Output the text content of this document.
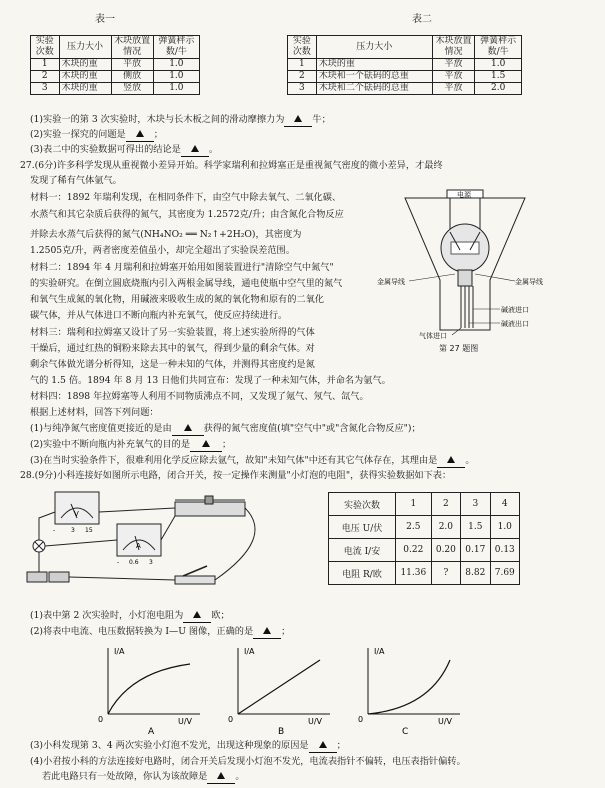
表一
实验次数	压力大小	木块放置情况	弹簧秤示数/牛
1	木块的重	平放	1.0
2	木块的重	侧放	1.0
3	木块的重	竖放	1.0
表二
实验次数	压力大小	木块放置情况	弹簧秤示数/牛
1	木块的重	平放	1.0
2	木块和一个砝码的总重	平放	1.5
3	木块和二个砝码的总重	平放	2.0
(1)实验一的第 3 次实验时，木块与长木板之间的滑动摩擦力为	牛；
(2)实验一探究的问题是	；
(3)表二中的实验数据可得出的结论是	。
27.(6分)许多科学发现从重视微小差异开始。科学家瑞利和拉姆塞正是重视氮气密度的微小差异，才最终
发现了稀有气体氩气。
材料一：1892 年瑞利发现，在相同条件下，由空气中除去氧气、二氧化碳、
水蒸气和其它杂质后获得的氮气，其密度为 1.2572克/升；由含氮化合物反应
并除去水蒸气后获得的氮气(NH₄NO₂ ══ N₂↑+2H₂O)，其密度为
1.2505克/升，两者密度差值虽小，却完全超出了实验误差范围。
材料二：1894 年 4 月瑞利和拉姆塞开始用如图装置进行"清除空气中氮气"
的实验研究。在倒立圆底烧瓶内引入两根金属导线，通电使瓶中空气里的氮气
和氧气生成氮的氧化物，用碱液来吸收生成的氮的氧化物和原有的二氧化
碳气体，并从气体进口不断向瓶内补充氧气，使反应持续进行。
材料三：瑞利和拉姆塞又设计了另一实验装置，将上述实验所得的气体
干燥后，通过红热的铜粉来除去其中的氧气，得到少量的剩余气体。对
剩余气体做光谱分析得知，这是一种未知的气体，并测得其密度约是氮
气的 1.5 倍。1894 年 8 月 13 日他们共同宣布：发现了一种未知气体，并命名为氩气。
材料四：1898 年拉姆塞等人利用不同物质沸点不同，又发现了氪气、氖气、氙气。
根据上述材料，回答下列问题：
(1)与纯净氮气密度值更接近的是由	获得的氮气密度值(填"空气中"或"含氮化合物反应")；
(2)实验中不断向瓶内补充氧气的目的是	；
(3)在当时实验条件下，很难利用化学反应除去氩气，故知"未知气体"中还有其它气体存在，其理由是	。
电源
金属导线	金属导线
碱液进口
碱液出口
气体进口
第 27 题图
28.(9分)小科连接好如图所示电路，闭合开关，按一定操作来测量"小灯泡的电阻"，获得实验数据如下表：
V
-	3 15
A
- 0.6 3
实验次数	1	2	3	4
电压 U/伏	2.5	2.0	1.5	1.0
电流 I/安	0.22	0.20	0.17	0.13
电阻 R/欧	11.36	?	8.82	7.69
(1)表中第 2 次实验时，小灯泡电阻为	欧；
(2)将表中电流、电压数据转换为 I—U 图像，正确的是	；
I/A
U/V
0
A
I/A
U/V
0
B
I/A
U/V
0
C
(3)小科发现第 3、4 两次实验小灯泡不发光，出现这种现象的原因是	；
(4)小君按小科的方法连接好电路时，闭合开关后发现小灯泡不发光，电流表指针不偏转，电压表指针偏转。
若此电路只有一处故障，你认为该故障是	。
